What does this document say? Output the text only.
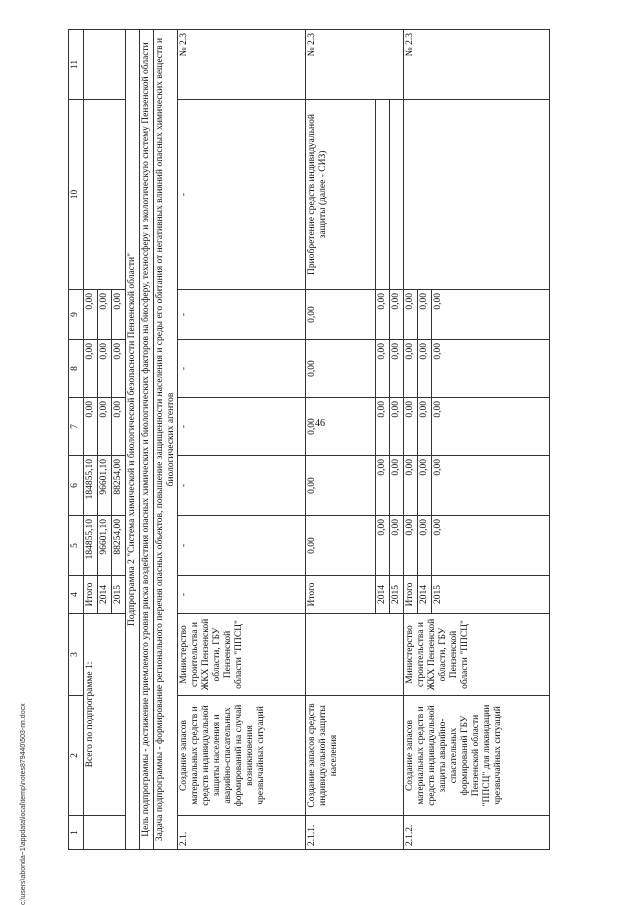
46
1	2	3	4	5	6	7	8	9	10	11
	Всего по подпрограмме 1:		Итого	184855,10	184855,10	0,00	0,00	0,00		
			2014	96601,10	96601,10	0,00	0,00	0,00		
			2015	88254,00	88254,00	0,00	0,00	0,00		
Подпрограмма 2 "Система химической и биологической безопасности Пензенской области"										
Цель подпрограммы - достижение приемлемого уровня риска воздействия опасных химических и биологических факторов на биосферу, техносферу и экологическую систему Пензенской области										
Задача подпрограммы - формирование регионального перечня опасных объектов, повышение защищенности населения и среды его обитания от негативных влияний опасных химических веществ и биологических агентов										
2.1.	Создание запасов материальных средств и средств индивидуальной защиты населения и аварийно-спасательных формирований на случай возникновения чрезвычайных ситуаций	Министерство строительства и ЖКХ Пензенской области, ГБУ Пензенской области "ППСЦ"	-	-	-	-	-	-	-	№ 2.3
2.1.1.	Создание запасов средств индивидуальной защиты населения		Итого	0,00	0,00	0,00	0,00	0,00	Приобретение средств индивидуальной защиты (далее - СИЗ)	№ 2.3
			2014	0,00	0,00	0,00	0,00	0,00		
			2015	0,00	0,00	0,00	0,00	0,00		
2.1.2.	Создание запасов материальных средств и средств индивидуальной защиты аварийно-спасательных формирований ГБУ Пензенской области "ППСЦ" для ликвидации чрезвычайных ситуаций	Министерство строительства и ЖКХ Пензенской области, ГБУ Пензенской области "ППСЦ"	Итого	0,00	0,00	0,00	0,00	0,00		№ 2.3
			2014	0,00	0,00	0,00	0,00	0,00		
			2015	0,00	0,00	0,00	0,00	0,00		
c:\users\abonda~1\appdata\local\temp\notes879440\503-пп.docx
